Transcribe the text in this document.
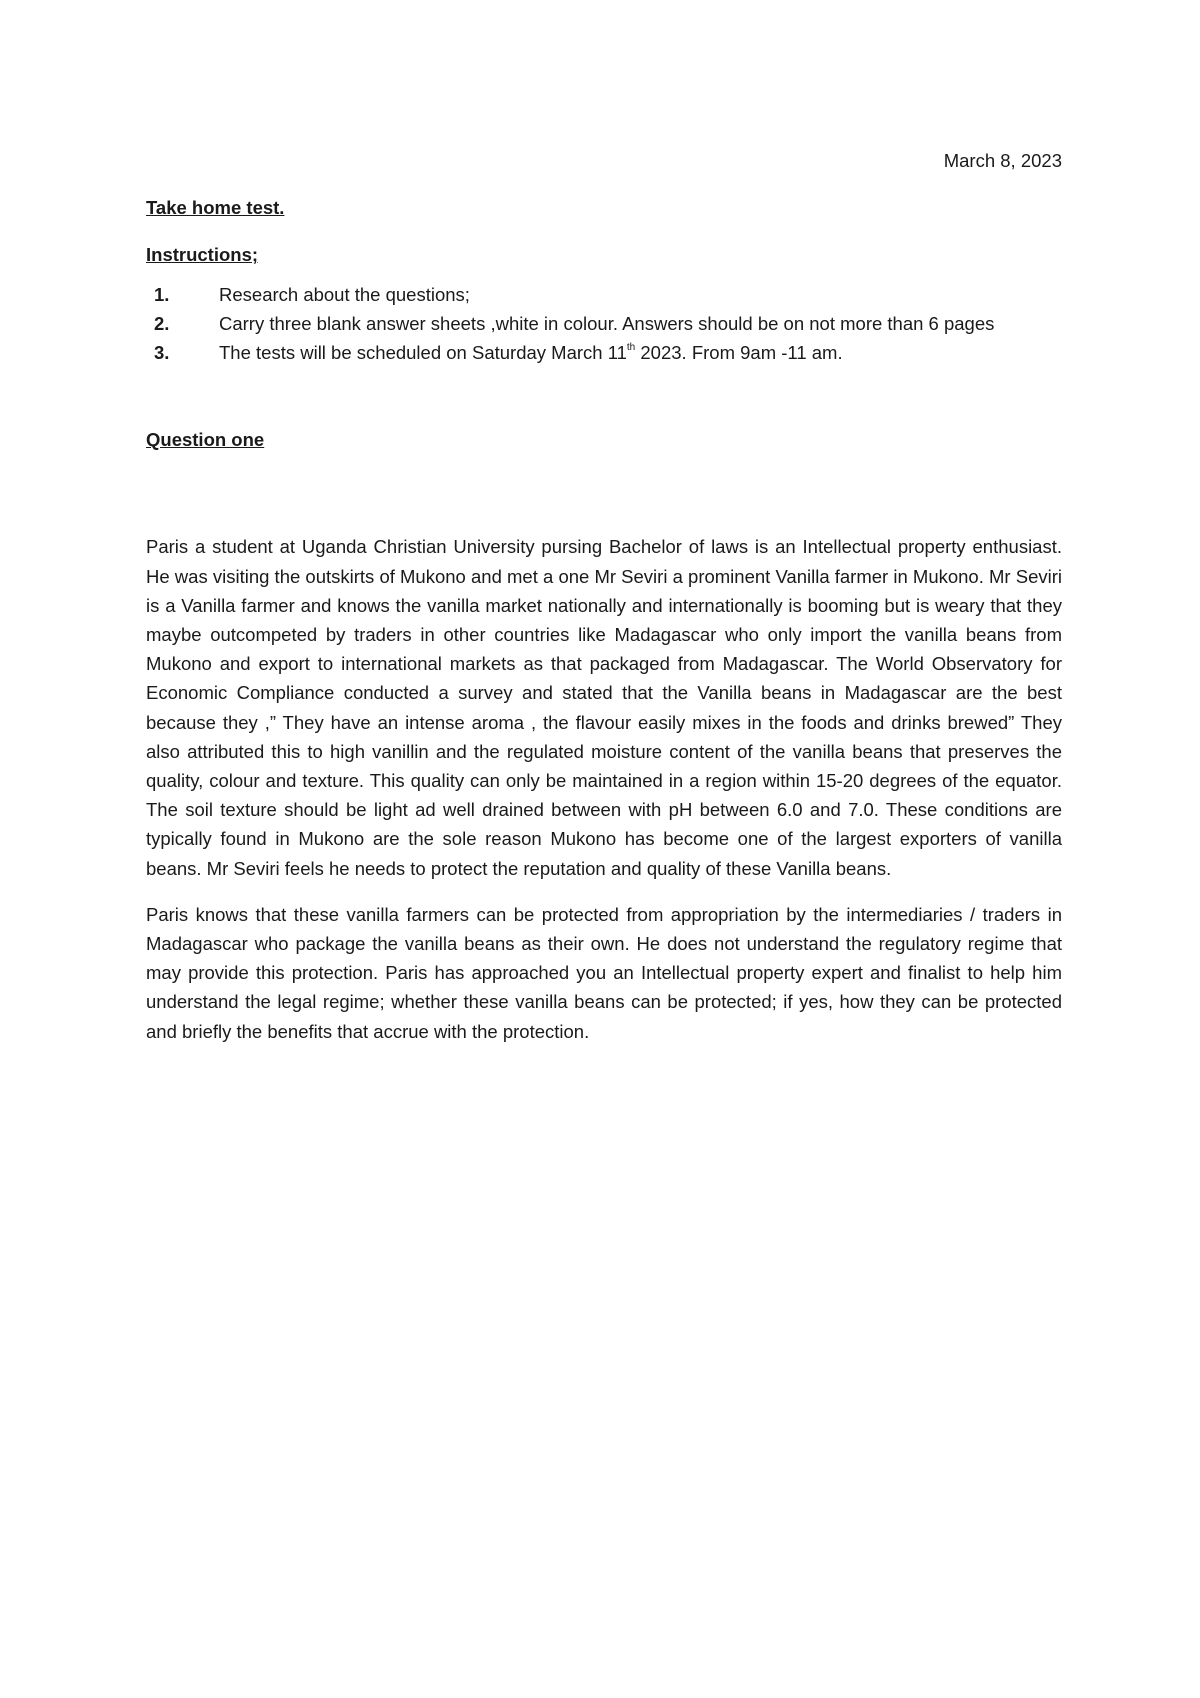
March 8, 2023

Take home test.

Instructions;

1.	Research about the questions;
2.	Carry three blank answer sheets ,white in colour. Answers should be on not more than 6 pages
3.	The tests will be scheduled on Saturday March 11th 2023. From 9am -11 am.

Question one

Paris a student at Uganda Christian University pursing Bachelor of laws is an Intellectual property enthusiast. He was visiting the outskirts of Mukono and met a one Mr Seviri a prominent Vanilla farmer in Mukono. Mr Seviri is a Vanilla farmer and knows the vanilla market nationally and internationally is booming but is weary that they maybe outcompeted by traders in other countries like Madagascar who only import the vanilla beans from Mukono and export to international markets as that packaged from Madagascar. The World Observatory for Economic Compliance conducted a survey and stated that the Vanilla beans in Madagascar are the best because they ,” They have an intense aroma , the flavour easily mixes in the foods and drinks brewed” They also attributed this to high vanillin and the regulated moisture content of the vanilla beans that preserves the quality, colour and texture. This quality can only be maintained in a region within 15-20 degrees of the equator. The soil texture should be light ad well drained between with pH between 6.0 and 7.0. These conditions are typically found in Mukono are the sole reason Mukono has become one of the largest exporters of vanilla beans. Mr Seviri feels he needs to protect the reputation and quality of these Vanilla beans.

Paris knows that these vanilla farmers can be protected from appropriation by the intermediaries / traders in Madagascar who package the vanilla beans as their own. He does not understand the regulatory regime that may provide this protection. Paris has approached you an Intellectual property expert and finalist to help him understand the legal regime; whether these vanilla beans can be protected; if yes, how they can be protected and briefly the benefits that accrue with the protection.
